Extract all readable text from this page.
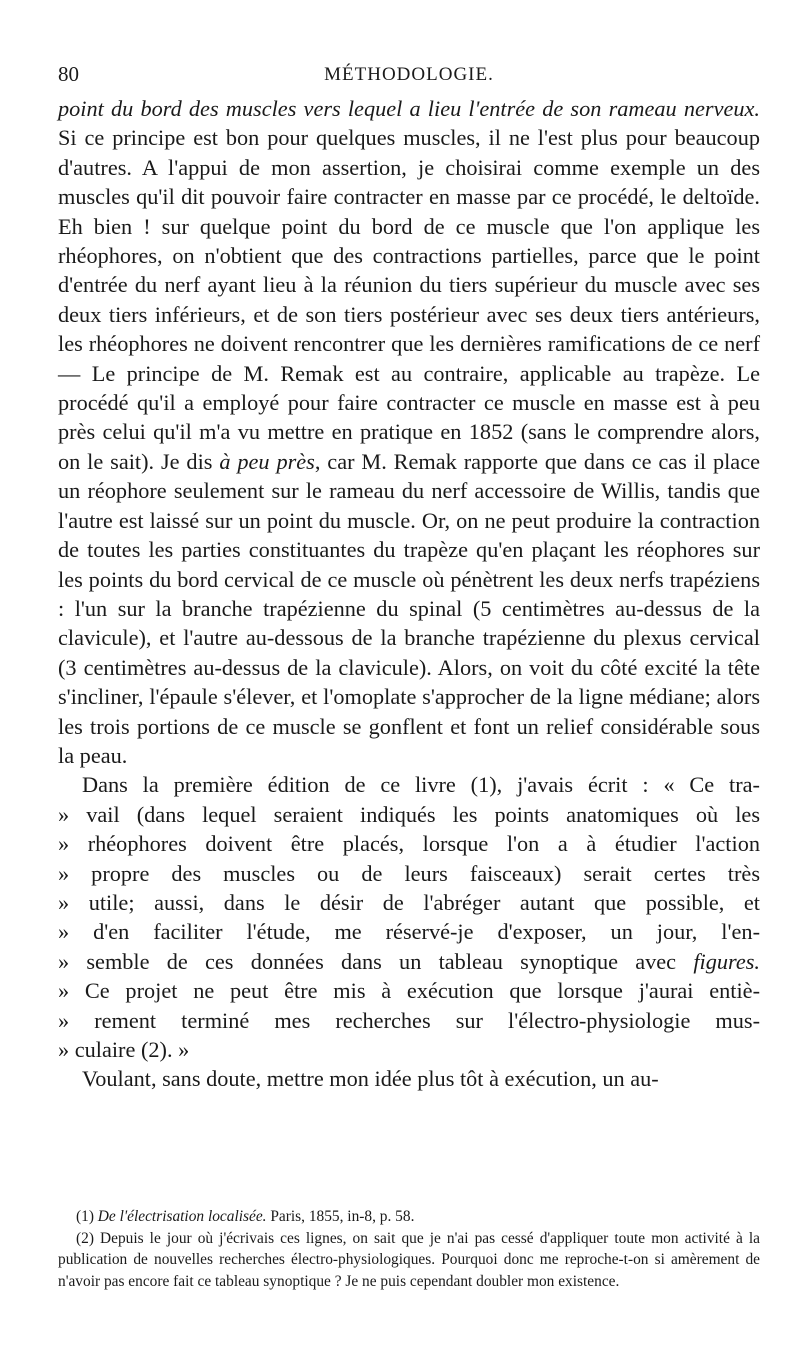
80	MÉTHODOLOGIE.

point du bord des muscles vers lequel a lieu l'entrée de son rameau nerveux. Si ce principe est bon pour quelques muscles, il ne l'est plus pour beaucoup d'autres. A l'appui de mon assertion, je choisirai comme exemple un des muscles qu'il dit pouvoir faire contracter en masse par ce procédé, le deltoïde. Eh bien ! sur quelque point du bord de ce muscle que l'on applique les rhéophores, on n'obtient que des contractions partielles, parce que le point d'entrée du nerf ayant lieu à la réunion du tiers supérieur du muscle avec ses deux tiers inférieurs, et de son tiers postérieur avec ses deux tiers antérieurs, les rhéophores ne doivent rencontrer que les dernières ramifications de ce nerf — Le principe de M. Remak est au contraire, applicable au trapèze. Le procédé qu'il a employé pour faire contracter ce muscle en masse est à peu près celui qu'il m'a vu mettre en pratique en 1852 (sans le comprendre alors, on le sait). Je dis à peu près, car M. Remak rapporte que dans ce cas il place un réophore seulement sur le rameau du nerf accessoire de Willis, tandis que l'autre est laissé sur un point du muscle. Or, on ne peut produire la contraction de toutes les parties constituantes du trapèze qu'en plaçant les réophores sur les points du bord cervical de ce muscle où pénètrent les deux nerfs trapéziens : l'un sur la branche trapézienne du spinal (5 centimètres au-dessus de la clavicule), et l'autre au-dessous de la branche trapézienne du plexus cervical (3 centimètres au-dessus de la clavicule). Alors, on voit du côté excité la tête s'incliner, l'épaule s'élever, et l'omoplate s'approcher de la ligne médiane; alors les trois portions de ce muscle se gonflent et font un relief considérable sous la peau.

Dans la première édition de ce livre (1), j'avais écrit : « Ce tra-
» vail (dans lequel seraient indiqués les points anatomiques où les
» rhéophores doivent être placés, lorsque l'on a à étudier l'action
» propre des muscles ou de leurs faisceaux) serait certes très
» utile; aussi, dans le désir de l'abréger autant que possible, et
» d'en faciliter l'étude, me réservé-je d'exposer, un jour, l'en-
» semble de ces données dans un tableau synoptique avec figures.
» Ce projet ne peut être mis à exécution que lorsque j'aurai entiè-
» rement terminé mes recherches sur l'électro-physiologie mus-
» culaire (2). »

Voulant, sans doute, mettre mon idée plus tôt à exécution, un au-

(1) De l'électrisation localisée. Paris, 1855, in-8, p. 58.

(2) Depuis le jour où j'écrivais ces lignes, on sait que je n'ai pas cessé d'appliquer toute mon activité à la publication de nouvelles recherches électro-physiologiques. Pourquoi donc me reproche-t-on si amèrement de n'avoir pas encore fait ce tableau synoptique ? Je ne puis cependant doubler mon existence.
